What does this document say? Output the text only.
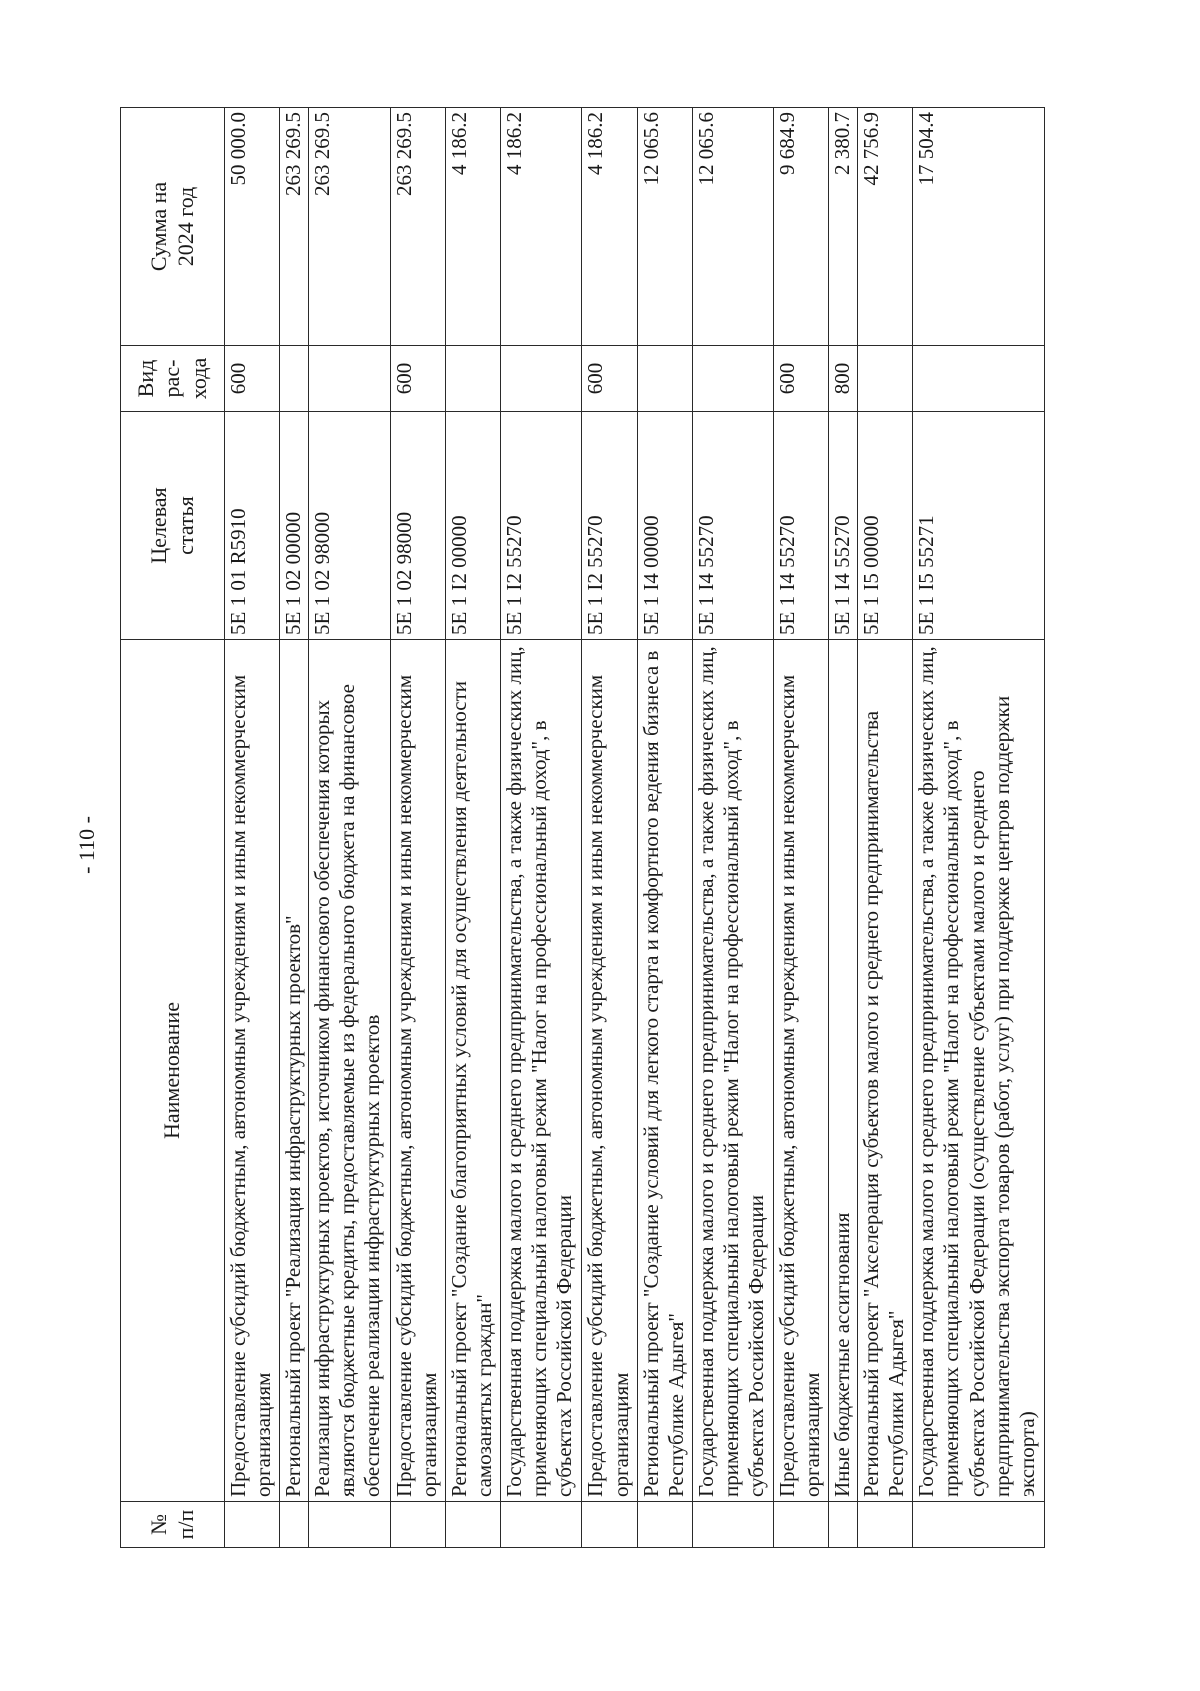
- 110 -
№ п/п	Наименование	Целевая статья	Вид рас- хода	Сумма на 2024 год

	Предоставление субсидий бюджетным, автономным учреждениям и иным некоммерческим организациям	5Е 1 01 R5910	600	50 000.0
	Региональный проект "Реализация инфраструктурных проектов"	5Е 1 02 00000		263 269.5
	Реализация инфраструктурных проектов, источником финансового обеспечения которых являются бюджетные кредиты, предоставляемые из федерального бюджета на финансовое обеспечение реализации инфраструктурных проектов	5Е 1 02 98000		263 269.5
	Предоставление субсидий бюджетным, автономным учреждениям и иным некоммерческим организациям	5Е 1 02 98000	600	263 269.5
	Региональный проект "Создание благоприятных условий для осуществления деятельности самозанятых граждан"	5Е 1 I2 00000		4 186.2
	Государственная поддержка малого и среднего предпринимательства, а также физических лиц, применяющих специальный налоговый режим "Налог на профессиональный доход", в субъектах Российской Федерации	5Е 1 I2 55270		4 186.2
	Предоставление субсидий бюджетным, автономным учреждениям и иным некоммерческим организациям	5Е 1 I2 55270	600	4 186.2
	Региональный проект "Создание условий для легкого старта и комфортного ведения бизнеса в Республике Адыгея"	5Е 1 I4 00000		12 065.6
	Государственная поддержка малого и среднего предпринимательства, а также физических лиц, применяющих специальный налоговый режим "Налог на профессиональный доход", в субъектах Российской Федерации	5Е 1 I4 55270		12 065.6
	Предоставление субсидий бюджетным, автономным учреждениям и иным некоммерческим организациям	5Е 1 I4 55270	600	9 684.9
	Иные бюджетные ассигнования	5Е 1 I4 55270	800	2 380.7
	Региональный проект "Акселерация субъектов малого и среднего предпринимательства Республики Адыгея"	5Е 1 I5 00000		42 756.9
	Государственная поддержка малого и среднего предпринимательства, а также физических лиц, применяющих специальный налоговый режим "Налог на профессиональный доход", в субъектах Российской Федерации (осуществление субъектами малого и среднего предпринимательства экспорта товаров (работ, услуг) при поддержке центров поддержки экспорта)	5Е 1 I5 55271		17 504.4
